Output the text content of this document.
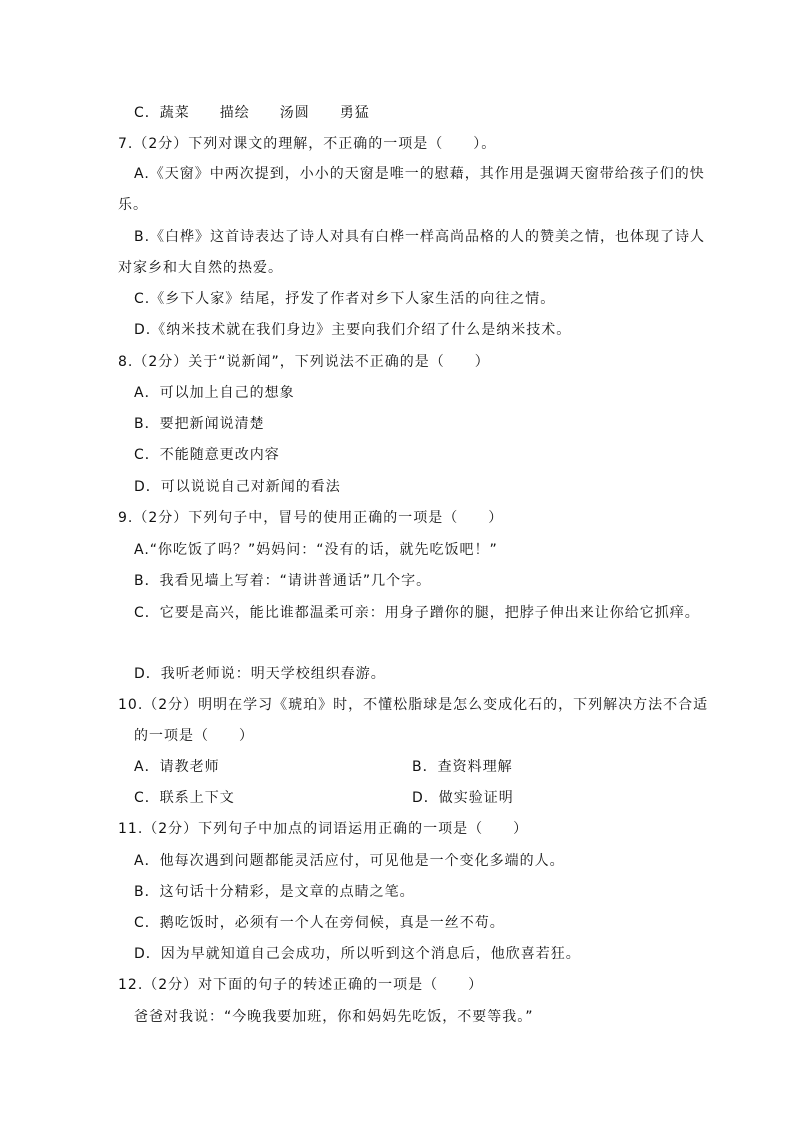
C．蔬菜　　描绘　　汤圆　　勇猛
7.（2分）下列对课文的理解，不正确的一项是（　　）。
A.《天窗》中两次提到，小小的天窗是唯一的慰藉，其作用是强调天窗带给孩子们的快
乐。
B.《白桦》这首诗表达了诗人对具有白桦一样高尚品格的人的赞美之情，也体现了诗人
对家乡和大自然的热爱。
C.《乡下人家》结尾，抒发了作者对乡下人家生活的向往之情。
D.《纳米技术就在我们身边》主要向我们介绍了什么是纳米技术。
8.（2分）关于“说新闻”，下列说法不正确的是（　　）
A．可以加上自己的想象
B．要把新闻说清楚
C．不能随意更改内容
D．可以说说自己对新闻的看法
9.（2分）下列句子中，冒号的使用正确的一项是（　　）
A.“你吃饭了吗？”妈妈问：“没有的话，就先吃饭吧！”
B．我看见墙上写着：“请讲普通话”几个字。
C．它要是高兴，能比谁都温柔可亲：用身子蹭你的腿，把脖子伸出来让你给它抓痒。
D．我听老师说：明天学校组织春游。
10.（2分）明明在学习《琥珀》时，不懂松脂球是怎么变成化石的，下列解决方法不合适
的一项是（　　）
A．请教老师	B．查资料理解
C．联系上下文	D．做实验证明
11.（2分）下列句子中加点的词语运用正确的一项是（　　）
A．他每次遇到问题都能灵活应付，可见他是一个变化多端的人。
B．这句话十分精彩，是文章的点睛之笔。
C．鹅吃饭时，必须有一个人在旁伺候，真是一丝不苟。
D．因为早就知道自己会成功，所以听到这个消息后，他欣喜若狂。
12.（2分）对下面的句子的转述正确的一项是（　　）
爸爸对我说：“今晚我要加班，你和妈妈先吃饭，不要等我。”
